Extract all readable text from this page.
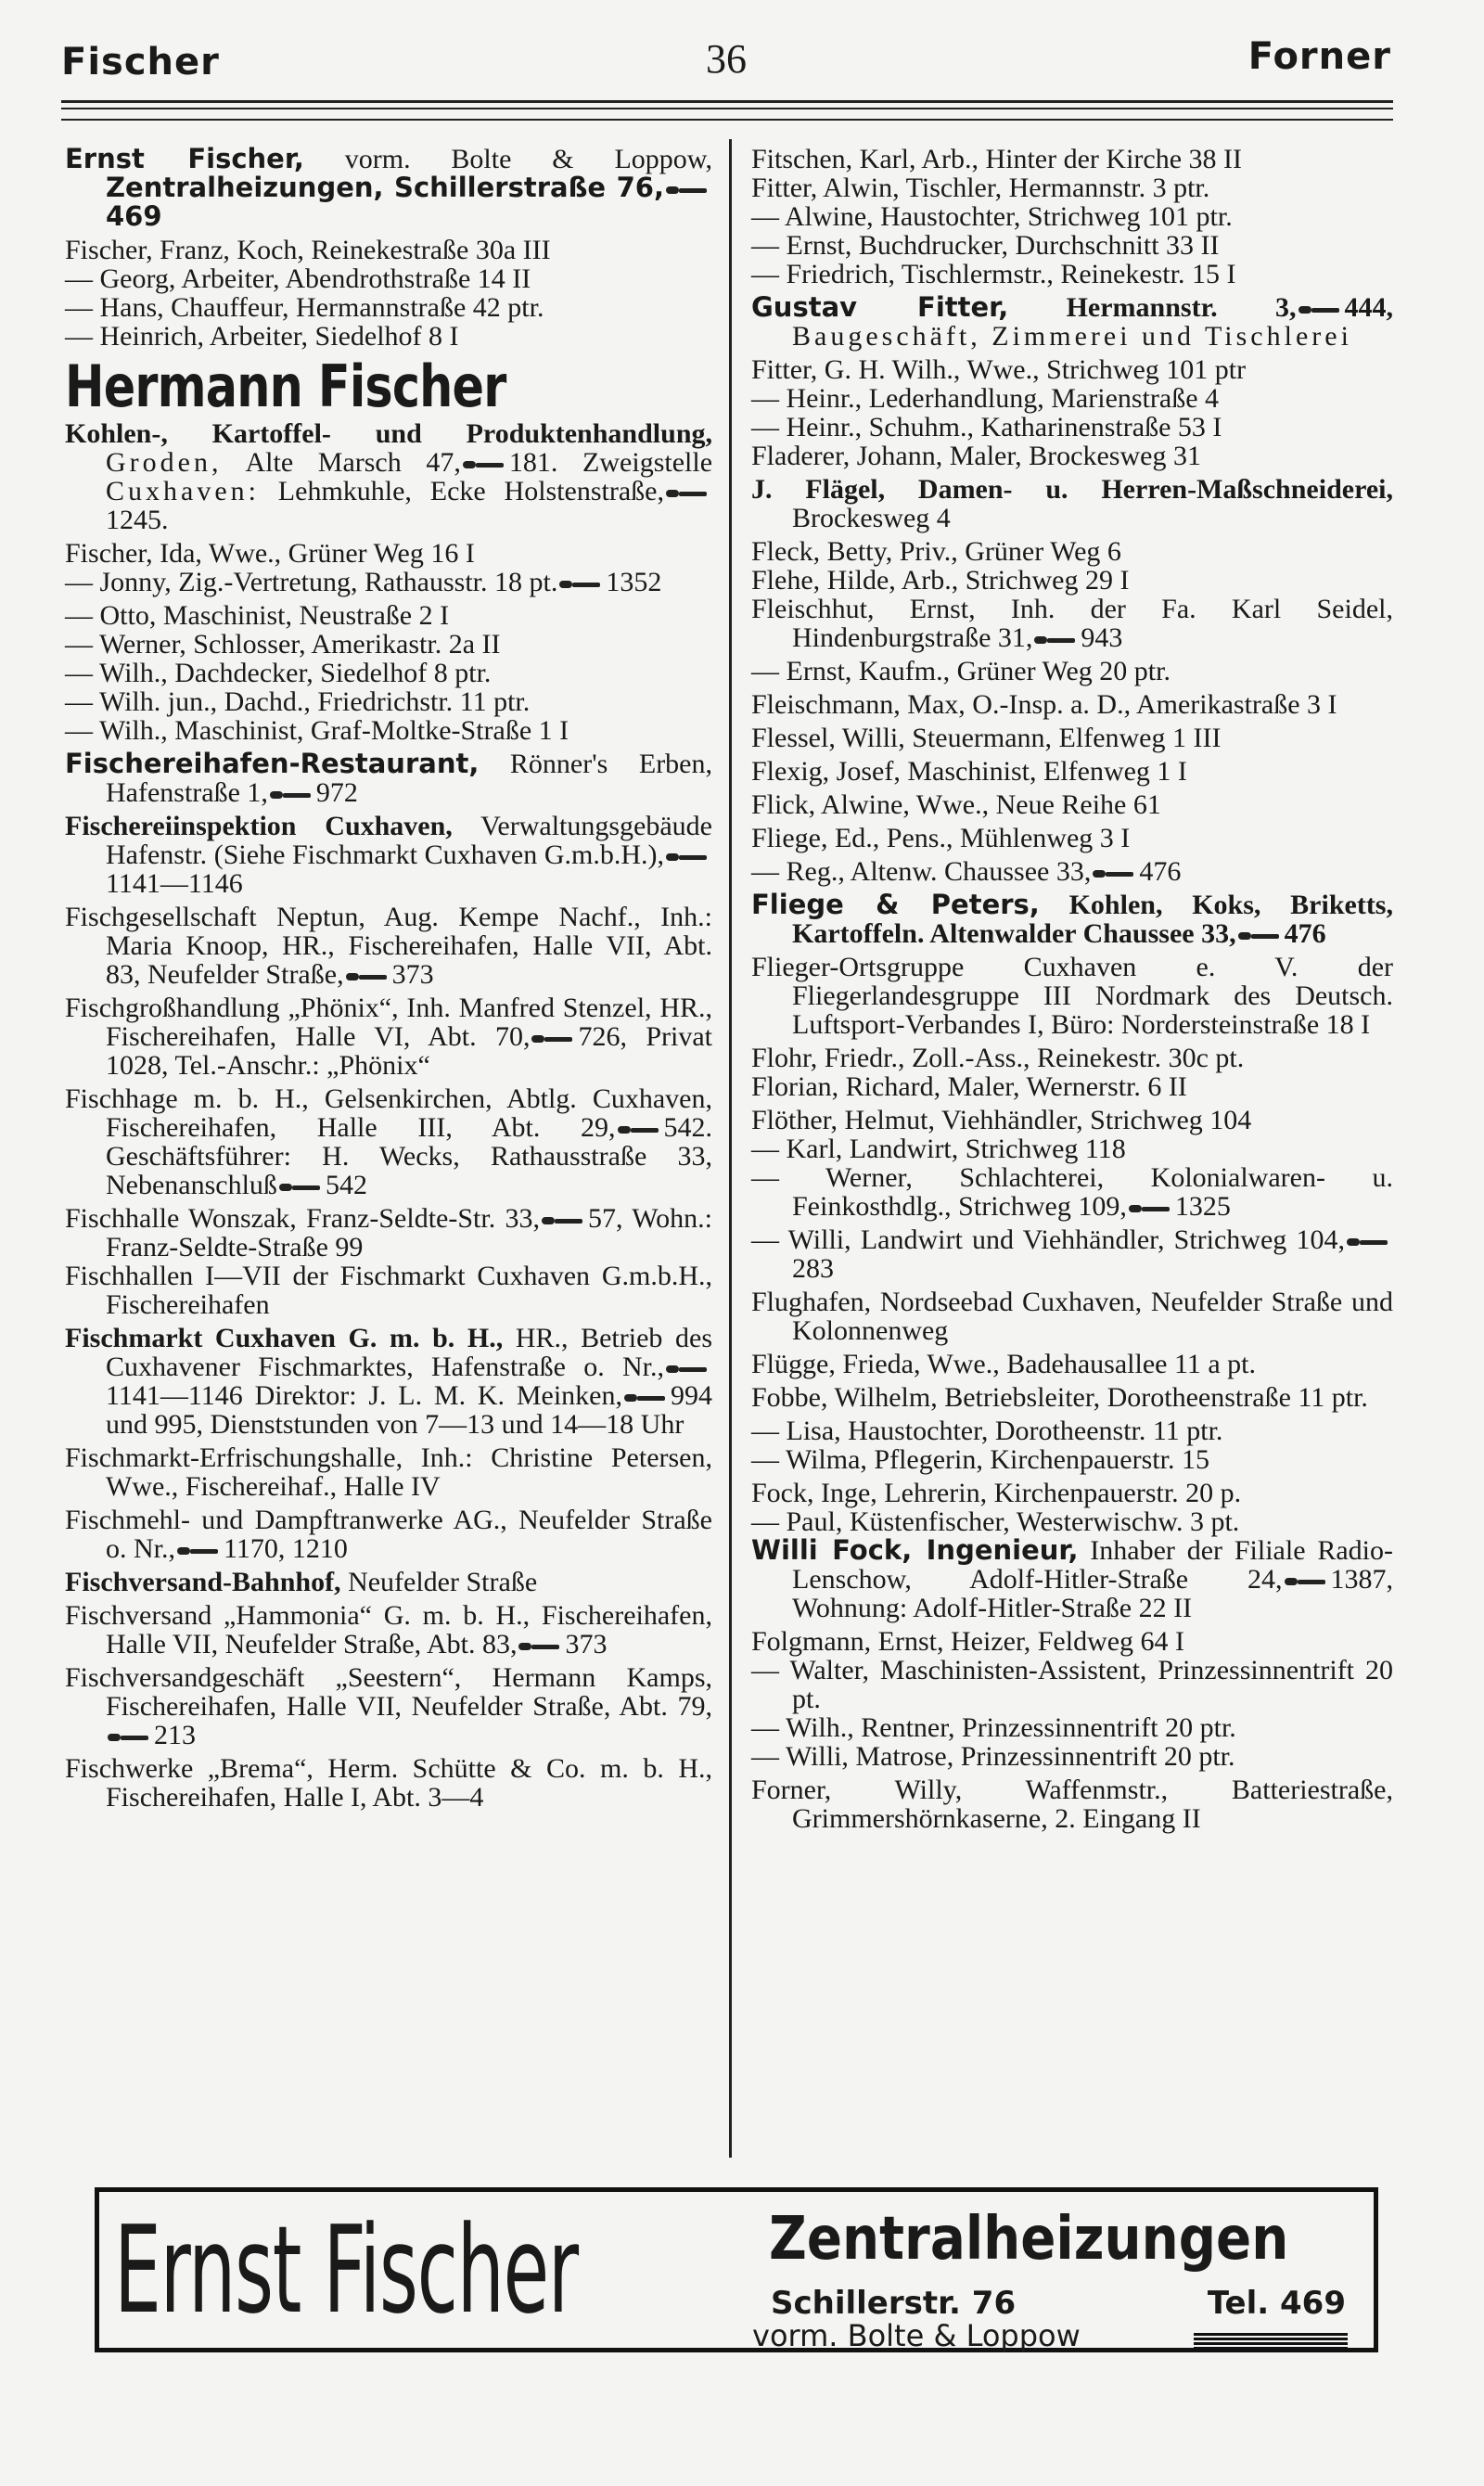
Fischer	36	Forner
Ernst Fischer, vorm. Bolte & Loppow, Zentralheizungen, Schillerstraße 76,469
Fischer, Franz, Koch, Reinekestraße 30a III
— Georg, Arbeiter, Abendrothstraße 14 II
— Hans, Chauffeur, Hermannstraße 42 ptr.
— Heinrich, Arbeiter, Siedelhof 8 I
Hermann Fischer
Kohlen-, Kartoffel- und Produktenhandlung, Groden, Alte Marsch 47, 181. Zweigstelle Cuxhaven: Lehmkuhle, Ecke Holstenstraße,1245.
Fischer, Ida, Wwe., Grüner Weg 16 I
— Jonny, Zig.-Vertretung, Rathausstr. 18 pt. 1352
— Otto, Maschinist, Neustraße 2 I
— Werner, Schlosser, Amerikastr. 2a II
— Wilh., Dachdecker, Siedelhof 8 ptr.
— Wilh. jun., Dachd., Friedrichstr. 11 ptr.
— Wilh., Maschinist, Graf-Moltke-Straße 1 I
Fischereihafen-Restaurant, Rönner's Erben, Hafenstraße 1, 972
Fischereiinspektion Cuxhaven, Verwaltungsgebäude Hafenstr. (Siehe Fischmarkt Cuxhaven G.m.b.H.),1141—1146
Fischgesellschaft Neptun, Aug. Kempe Nachf., Inh.: Maria Knoop, HR., Fischereihafen, Halle VII, Abt. 83, Neufelder Straße, 373
Fischgroßhandlung „Phönix“, Inh. Manfred Stenzel, HR., Fischereihafen, Halle VI, Abt. 70, 726, Privat 1028, Tel.-Anschr.: „Phönix“
Fischhage m. b. H., Gelsenkirchen, Abtlg. Cuxhaven, Fischereihafen, Halle III, Abt. 29, 542. Geschäftsführer: H. Wecks, Rathausstraße 33, Nebenanschluß 542
Fischhalle Wonszak, Franz-Seldte-Str. 33, 57, Wohn.: Franz-Seldte-Straße 99
Fischhallen I—VII der Fischmarkt Cuxhaven G.m.b.H., Fischereihafen
Fischmarkt Cuxhaven G. m. b. H., HR., Betrieb des Cuxhavener Fischmarktes, Hafenstraße o. Nr.,1141—1146 Direktor: J. L. M. K. Meinken, 994 und 995, Dienststunden von 7—13 und 14—18 Uhr
Fischmarkt-Erfrischungshalle, Inh.: Christine Petersen, Wwe., Fischereihaf., Halle IV
Fischmehl- und Dampftranwerke AG., Neufelder Straße o. Nr., 1170, 1210
Fischversand-Bahnhof, Neufelder Straße
Fischversand „Hammonia“ G. m. b. H., Fischereihafen, Halle VII, Neufelder Straße, Abt. 83, 373
Fischversandgeschäft „Seestern“, Hermann Kamps, Fischereihafen, Halle VII, Neufelder Straße, Abt. 79,213
Fischwerke „Brema“, Herm. Schütte & Co. m. b. H., Fischereihafen, Halle I, Abt. 3—4
Fitschen, Karl, Arb., Hinter der Kirche 38 II
Fitter, Alwin, Tischler, Hermannstr. 3 ptr.
— Alwine, Haustochter, Strichweg 101 ptr.
— Ernst, Buchdrucker, Durchschnitt 33 II
— Friedrich, Tischlermstr., Reinekestr. 15 I
Gustav Fitter, Hermannstr. 3, 444, Baugeschäft, Zimmerei und Tischlerei
Fitter, G. H. Wilh., Wwe., Strichweg 101 ptr
— Heinr., Lederhandlung, Marienstraße 4
— Heinr., Schuhm., Katharinenstraße 53 I
Fladerer, Johann, Maler, Brockesweg 31
J. Flägel, Damen- u. Herren-Maßschneiderei, Brockesweg 4
Fleck, Betty, Priv., Grüner Weg 6
Flehe, Hilde, Arb., Strichweg 29 I
Fleischhut, Ernst, Inh. der Fa. Karl Seidel, Hindenburgstraße 31, 943
— Ernst, Kaufm., Grüner Weg 20 ptr.
Fleischmann, Max, O.-Insp. a. D., Amerikastraße 3 I
Flessel, Willi, Steuermann, Elfenweg 1 III
Flexig, Josef, Maschinist, Elfenweg 1 I
Flick, Alwine, Wwe., Neue Reihe 61
Fliege, Ed., Pens., Mühlenweg 3 I
— Reg., Altenw. Chaussee 33, 476
Fliege & Peters, Kohlen, Koks, Briketts, Kartoffeln. Altenwalder Chaussee 33, 476
Flieger-Ortsgruppe Cuxhaven e. V. der Fliegerlandesgruppe III Nordmark des Deutsch. Luftsport-Verbandes I, Büro: Nordersteinstraße 18 I
Flohr, Friedr., Zoll.-Ass., Reinekestr. 30c pt.
Florian, Richard, Maler, Wernerstr. 6 II
Flöther, Helmut, Viehhändler, Strichweg 104
— Karl, Landwirt, Strichweg 118
— Werner, Schlachterei, Kolonialwaren- u. Feinkosthdlg., Strichweg 109, 1325
— Willi, Landwirt und Viehhändler, Strichweg 104,283
Flughafen, Nordseebad Cuxhaven, Neufelder Straße und Kolonnenweg
Flügge, Frieda, Wwe., Badehausallee 11 a pt.
Fobbe, Wilhelm, Betriebsleiter, Dorotheenstraße 11 ptr.
— Lisa, Haustochter, Dorotheenstr. 11 ptr.
— Wilma, Pflegerin, Kirchenpauerstr. 15
Fock, Inge, Lehrerin, Kirchenpauerstr. 20 p.
— Paul, Küstenfischer, Westerwischw. 3 pt.
Willi Fock, Ingenieur, Inhaber der Filiale Radio-Lenschow, Adolf-Hitler-Straße 24, 1387, Wohnung: Adolf-Hitler-Straße 22 II
Folgmann, Ernst, Heizer, Feldweg 64 I
— Walter, Maschinisten-Assistent, Prinzessinnentrift 20 pt.
— Wilh., Rentner, Prinzessinnentrift 20 ptr.
— Willi, Matrose, Prinzessinnentrift 20 ptr.
Forner, Willy, Waffenmstr., Batteriestraße, Grimmershörnkaserne, 2. Eingang II
Ernst Fischer	Zentralheizungen
Schillerstr. 76	Tel. 469
vorm. Bolte & Loppow
